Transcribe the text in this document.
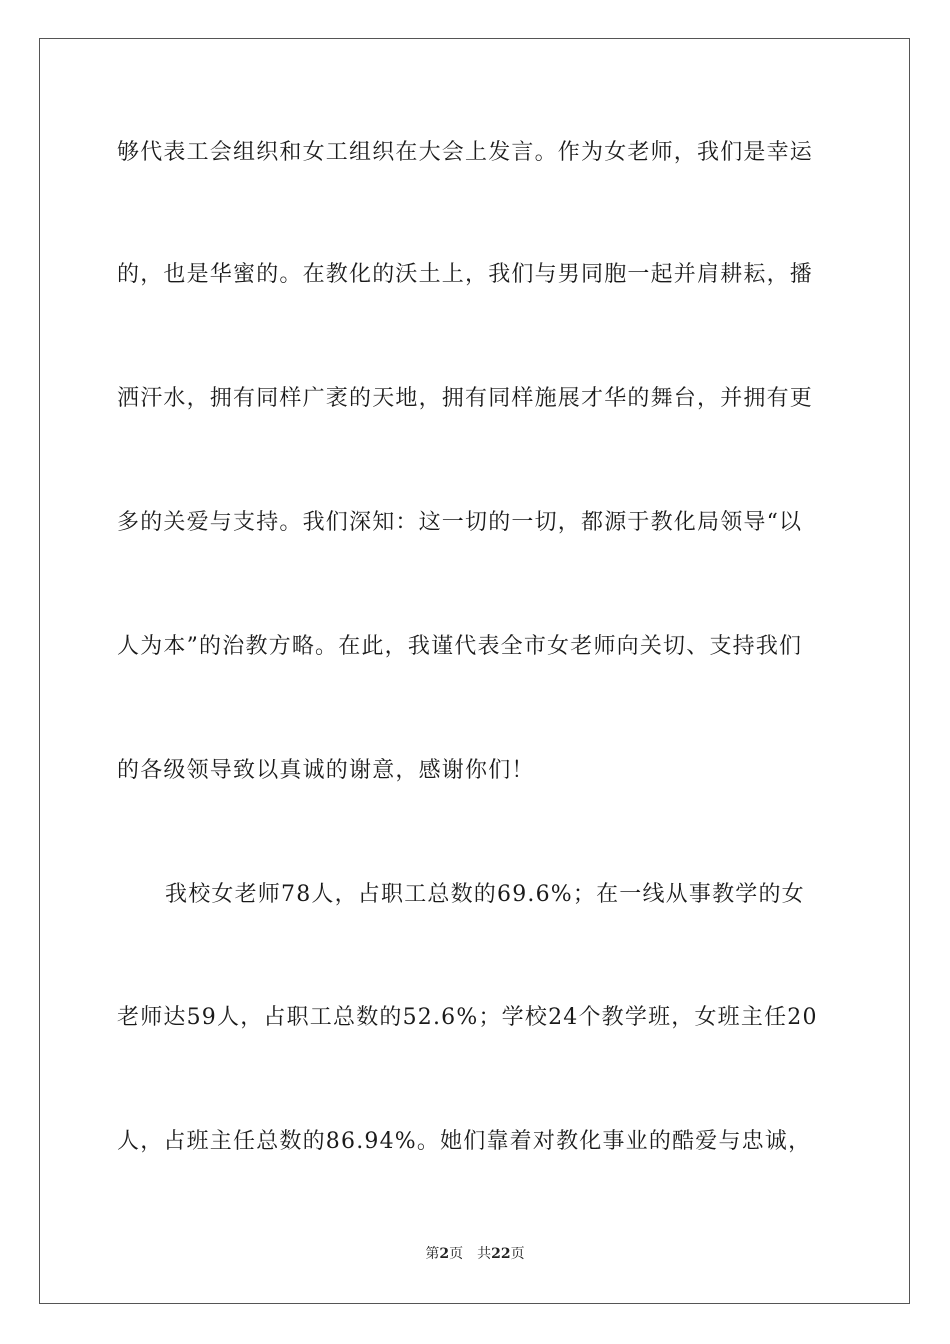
够代表工会组织和女工组织在大会上发言。作为女老师，我们是幸运
的，也是华蜜的。在教化的沃土上，我们与男同胞一起并肩耕耘，播
洒汗水，拥有同样广袤的天地，拥有同样施展才华的舞台，并拥有更
多的关爱与支持。我们深知：这一切的一切，都源于教化局领导“以
人为本”的治教方略。在此，我谨代表全市女老师向关切、支持我们
的各级领导致以真诚的谢意，感谢你们！
我校女老师78人，占职工总数的69.6%；在一线从事教学的女
老师达59人，占职工总数的52.6%；学校24个教学班，女班主任20
人，占班主任总数的86.94%。她们靠着对教化事业的酷爱与忠诚，
第2页 共22页
